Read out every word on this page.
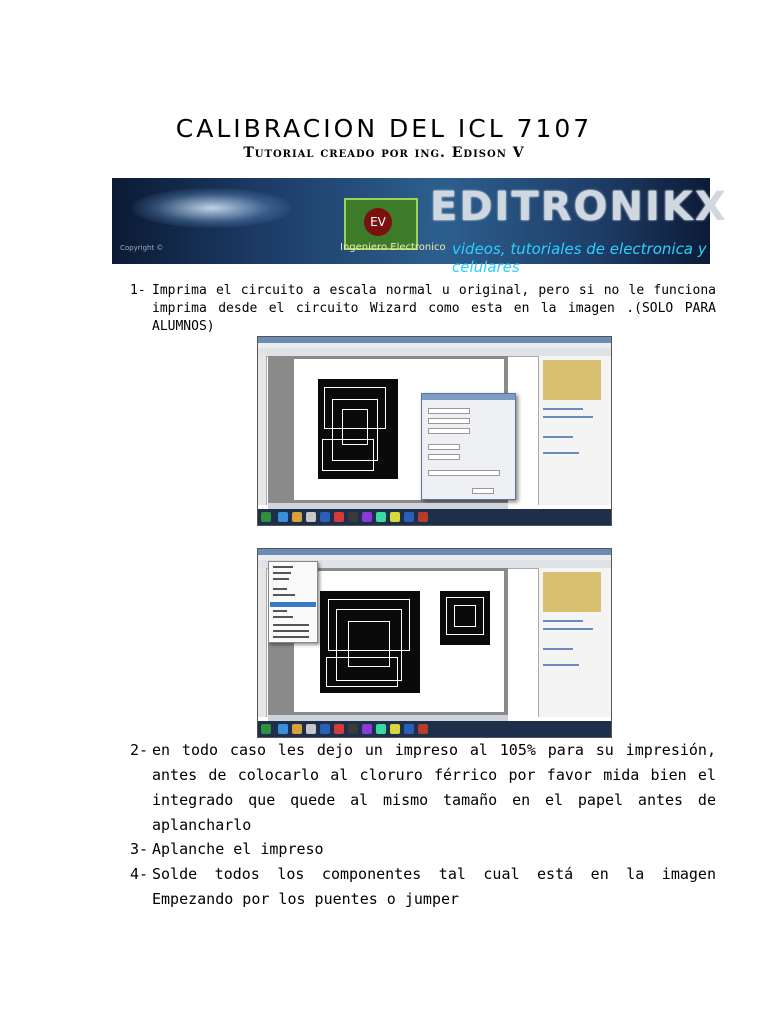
CALIBRACION DEL ICL 7107
Tutorial creado por ing. Edison V
Copyright ©
EV EDITRONIKX
Ingeniero Electronico videos, tutoriales de electronica y celulares
1- Imprima el circuito a escala normal u original, pero si no le funciona imprima desde el circuito Wizard como esta en la imagen .(SOLO PARA ALUMNOS)
2- en todo caso les dejo un impreso al 105% para su impresión, antes de colocarlo al cloruro férrico por favor mida bien el integrado que quede al mismo tamaño en el papel antes de aplancharlo
3- Aplanche el impreso
4- Solde todos los componentes tal cual está en la imagen Empezando por los puentes o jumper
